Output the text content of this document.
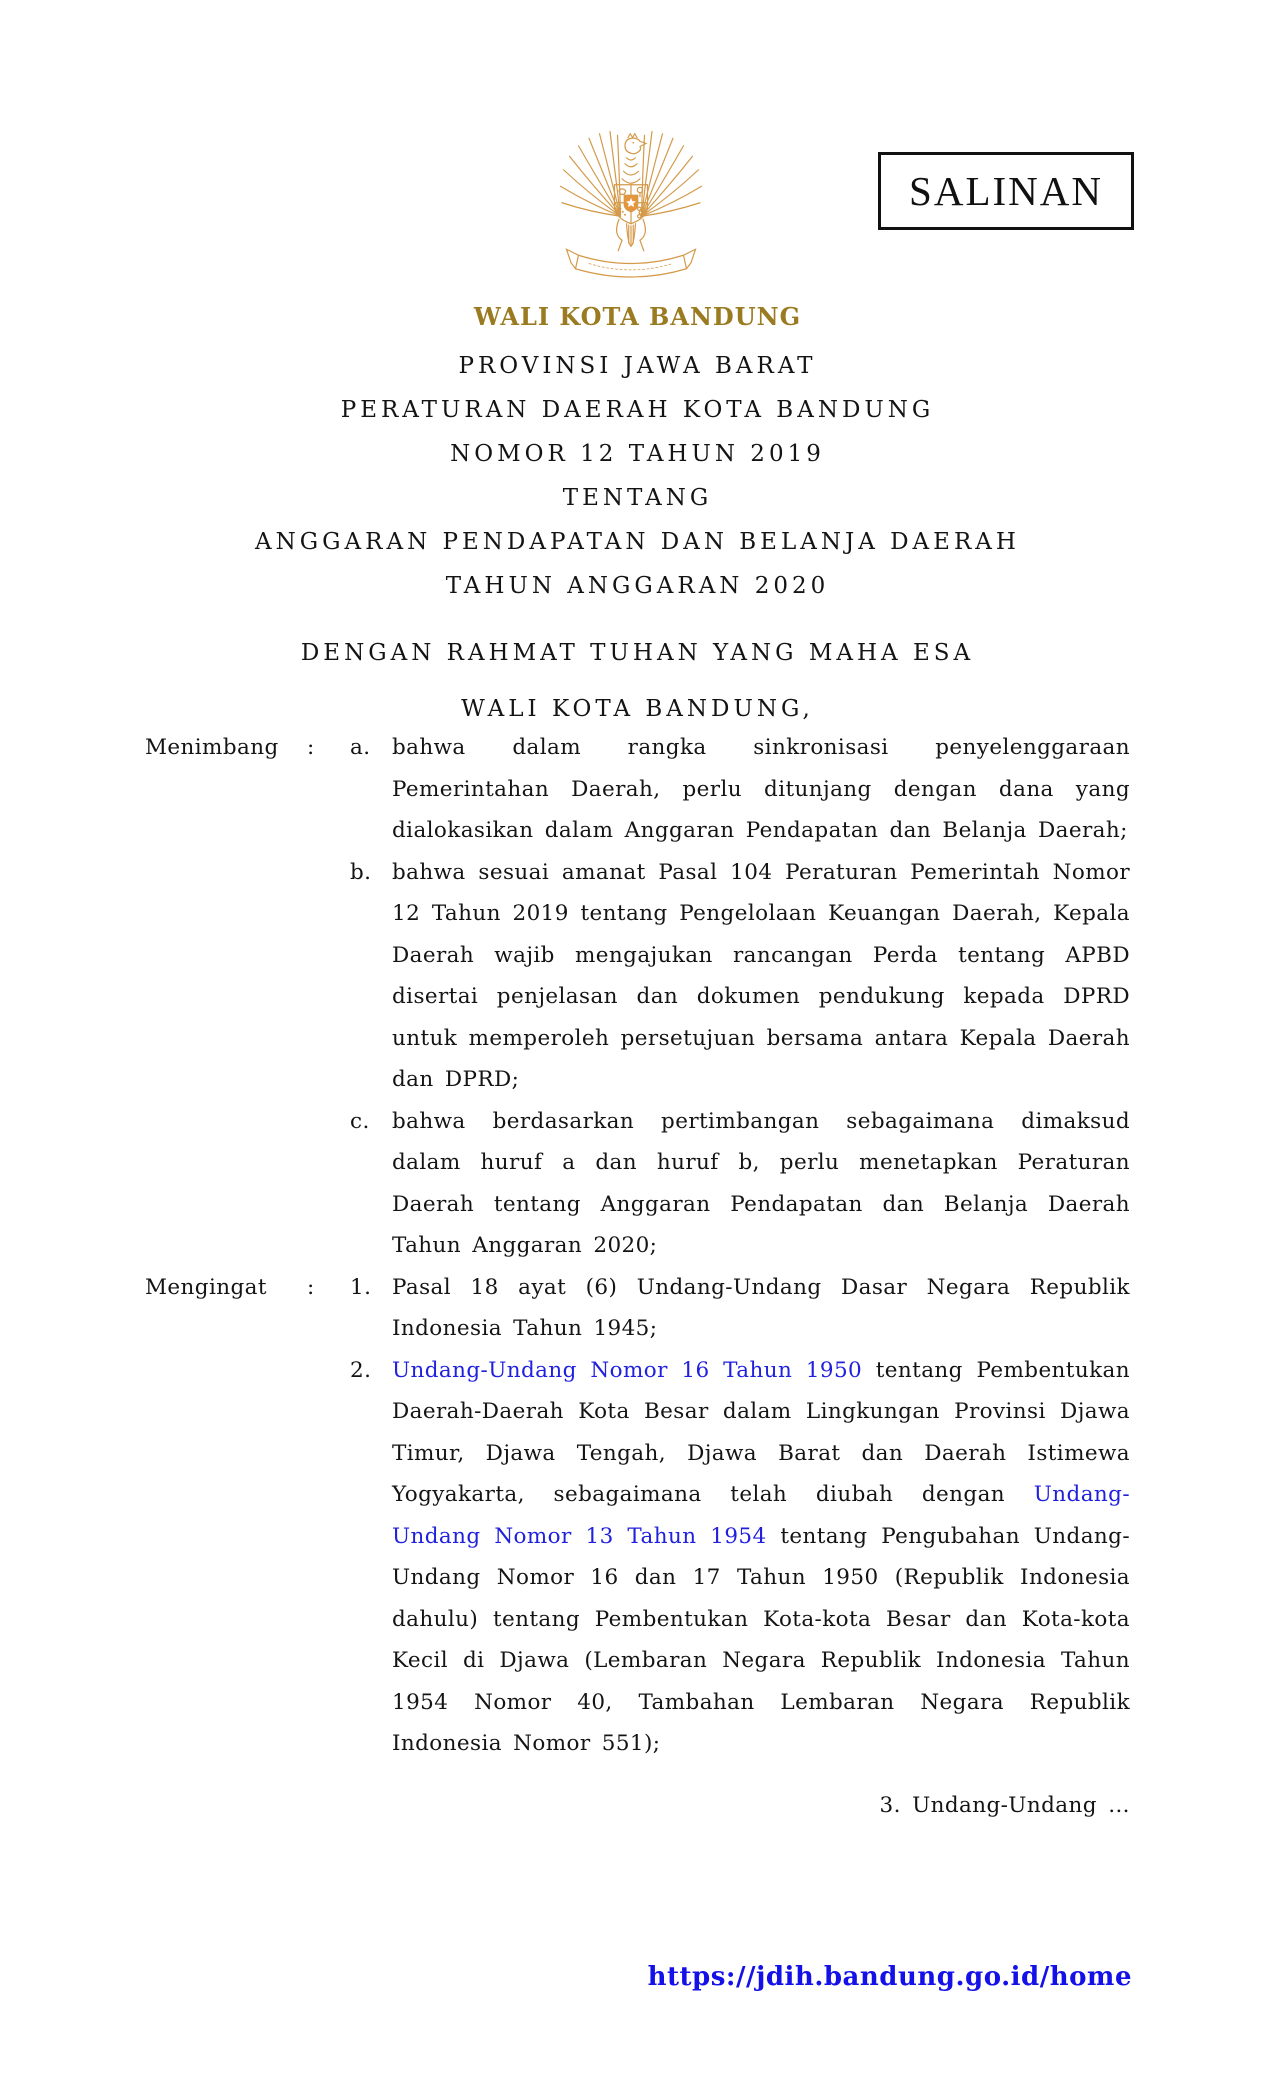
SALINAN
WALI KOTA BANDUNG
PROVINSI JAWA BARAT
PERATURAN DAERAH KOTA BANDUNG
NOMOR 12 TAHUN 2019
TENTANG
ANGGARAN PENDAPATAN DAN BELANJA DAERAH
TAHUN ANGGARAN 2020
DENGAN RAHMAT TUHAN YANG MAHA ESA
WALI KOTA BANDUNG,
Menimbang	:	a.	bahwa dalam rangka sinkronisasi penyelenggaraan Pemerintahan Daerah, perlu ditunjang dengan dana yang dialokasikan dalam Anggaran Pendapatan dan Belanja Daerah;
b. bahwa sesuai amanat Pasal 104 Peraturan Pemerintah Nomor 12 Tahun 2019 tentang Pengelolaan Keuangan Daerah, Kepala Daerah wajib mengajukan rancangan Perda tentang APBD disertai penjelasan dan dokumen pendukung kepada DPRD untuk memperoleh persetujuan bersama antara Kepala Daerah dan DPRD;
c.	bahwa berdasarkan pertimbangan sebagaimana dimaksud dalam huruf a dan huruf b, perlu menetapkan Peraturan Daerah tentang Anggaran Pendapatan dan Belanja Daerah Tahun Anggaran 2020;
Mengingat	:	1. Pasal 18 ayat (6) Undang-Undang Dasar Negara Republik Indonesia Tahun 1945;
2. Undang-Undang Nomor 16 Tahun 1950 tentang Pembentukan Daerah-Daerah Kota Besar dalam Lingkungan Provinsi Djawa Timur, Djawa Tengah, Djawa Barat dan Daerah Istimewa Yogyakarta, sebagaimana telah diubah dengan Undang-Undang Nomor 13 Tahun 1954 tentang Pengubahan Undang-Undang Nomor 16 dan 17 Tahun 1950 (Republik Indonesia dahulu) tentang Pembentukan Kota-kota Besar dan Kota-kota Kecil di Djawa (Lembaran Negara Republik Indonesia Tahun 1954 Nomor 40, Tambahan Lembaran Negara Republik Indonesia Nomor 551);
3. Undang-Undang …
https://jdih.bandung.go.id/home
